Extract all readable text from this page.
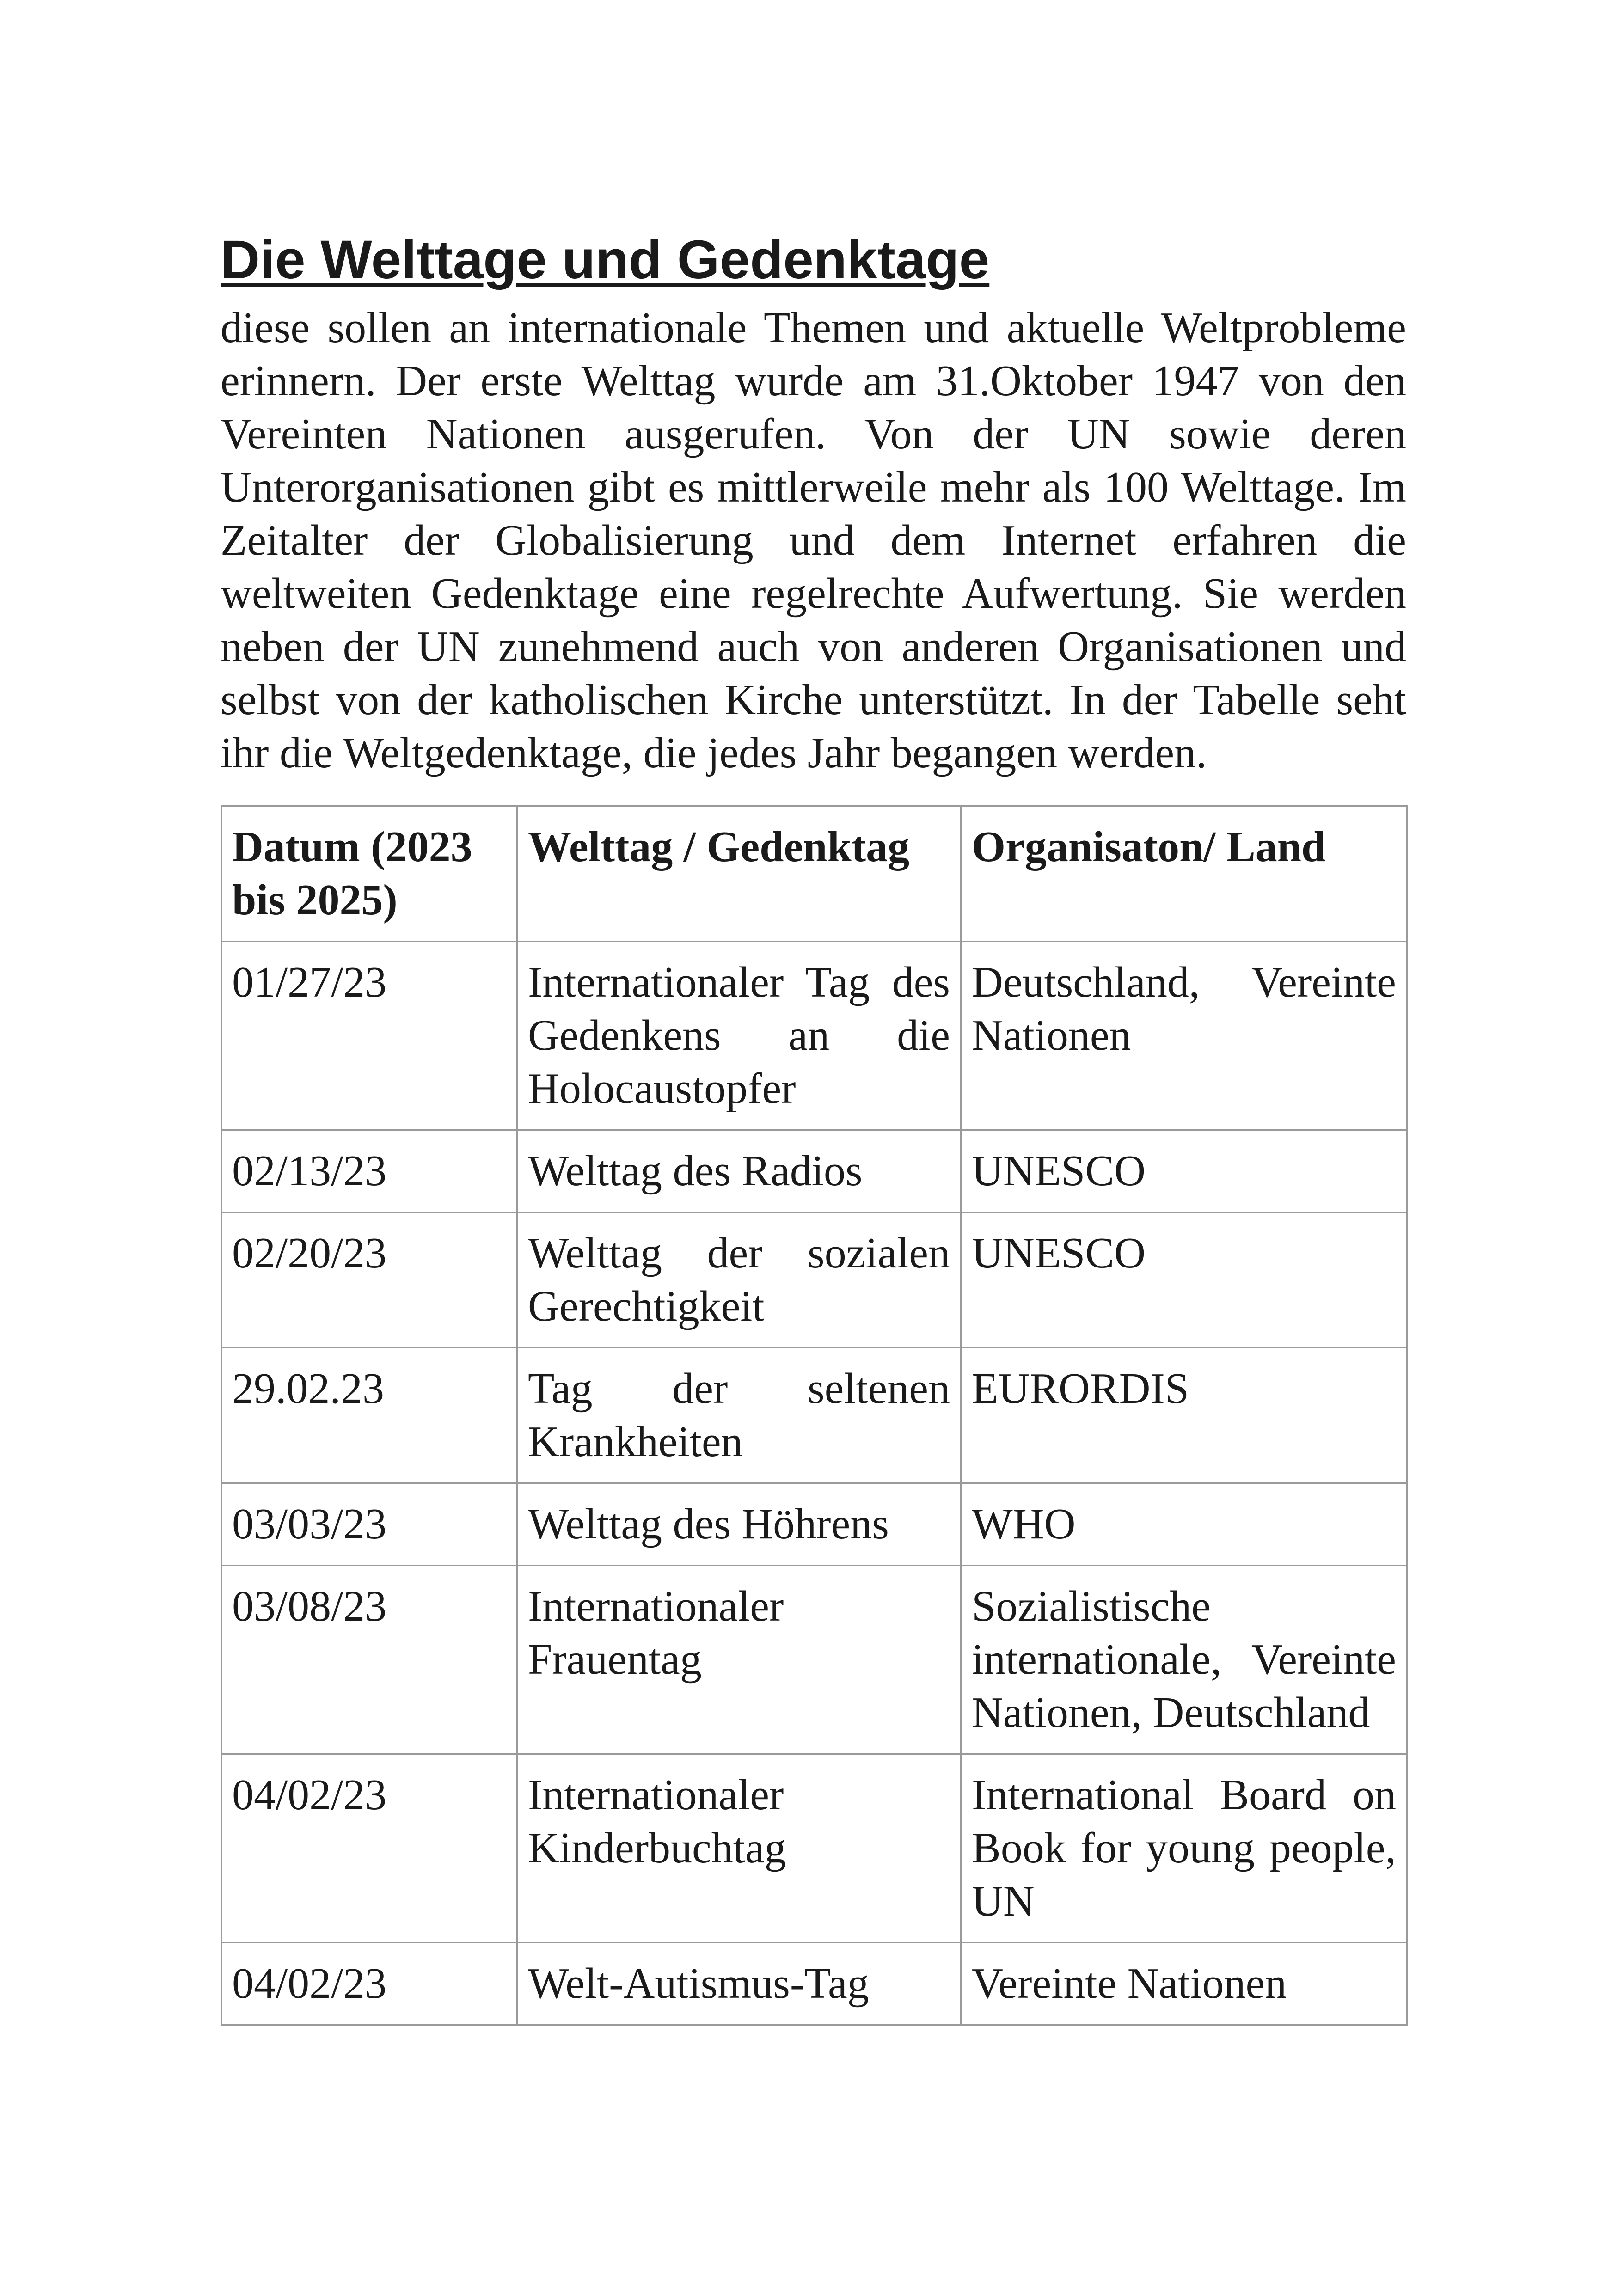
Die Welttage und Gedenktage

diese sollen an internationale Themen und aktuelle Weltprobleme erinnern. Der erste Welttag wurde am 31.Oktober 1947 von den Vereinten Nationen ausgerufen. Von der UN sowie deren Unterorganisationen gibt es mittlerweile mehr als 100 Welttage. Im Zeitalter der Globalisierung und dem Internet erfahren die weltweiten Gedenktage eine regelrechte Aufwertung. Sie werden neben der UN zunehmend auch von anderen Organisationen und selbst von der katholischen Kirche unterstützt. In der Tabelle seht ihr die Weltgedenktage, die jedes Jahr begangen werden.

Datum (2023 bis 2025)	Welttag / Gedenktag	Organisaton/ Land
01/27/23	Internationaler Tag des Gedenkens an die Holocaustopfer	Deutschland, Vereinte Nationen
02/13/23	Welttag des Radios	UNESCO
02/20/23	Welttag der sozialen Gerechtigkeit	UNESCO
29.02.23	Tag der seltenen Krankheiten	EURORDIS
03/03/23	Welttag des Höhrens	WHO
03/08/23	Internationaler Frauentag	Sozialistische internationale, Vereinte Nationen, Deutschland
04/02/23	Internationaler Kinderbuchtag	International Board on Book for young people, UN
04/02/23	Welt-Autismus-Tag	Vereinte Nationen
